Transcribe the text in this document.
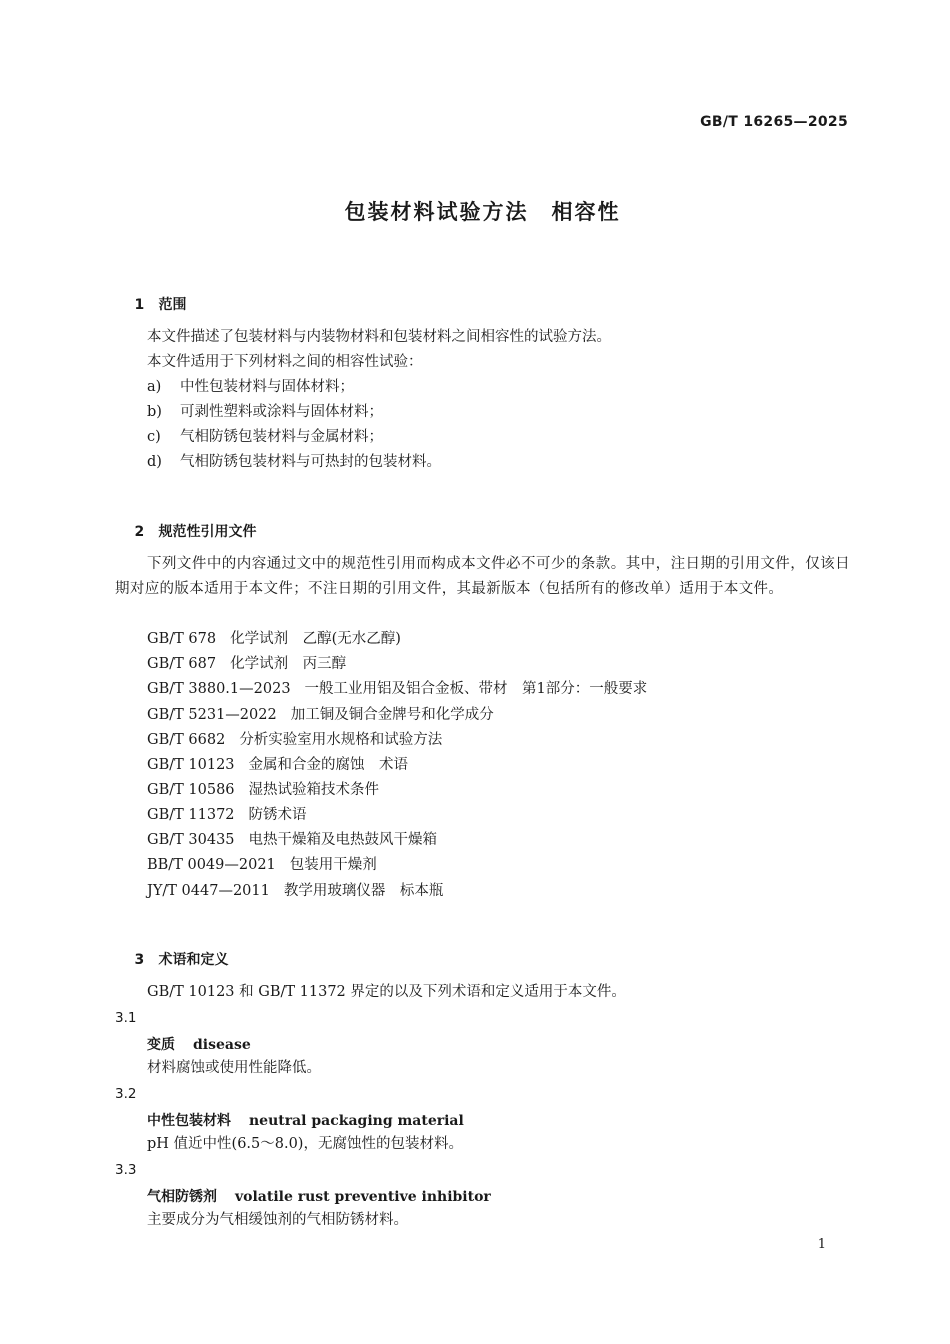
GB/T 16265—2025
包装材料试验方法　相容性

1 范围

本文件描述了包装材料与内装物材料和包装材料之间相容性的试验方法。
本文件适用于下列材料之间的相容性试验：
a) 中性包装材料与固体材料；
b) 可剥性塑料或涂料与固体材料；
c) 气相防锈包装材料与金属材料；
d) 气相防锈包装材料与可热封的包装材料。

2 规范性引用文件

下列文件中的内容通过文中的规范性引用而构成本文件必不可少的条款。其中，注日期的引用文件，仅该日期对应的版本适用于本文件；不注日期的引用文件，其最新版本（包括所有的修改单）适用于本文件。
GB/T 678 化学试剂　乙醇(无水乙醇)
GB/T 687 化学试剂　丙三醇
GB/T 3880.1—2023 一般工业用铝及铝合金板、带材　第1部分：一般要求
GB/T 5231—2022 加工铜及铜合金牌号和化学成分
GB/T 6682 分析实验室用水规格和试验方法
GB/T 10123 金属和合金的腐蚀　术语
GB/T 10586 湿热试验箱技术条件
GB/T 11372 防锈术语
GB/T 30435 电热干燥箱及电热鼓风干燥箱
BB/T 0049—2021 包装用干燥剂
JY/T 0447—2011 教学用玻璃仪器　标本瓶

3 术语和定义

GB/T 10123 和 GB/T 11372 界定的以及下列术语和定义适用于本文件。
3.1
变质 disease
材料腐蚀或使用性能降低。
3.2
中性包装材料 neutral packaging material
pH 值近中性(6.5～8.0)，无腐蚀性的包装材料。
3.3
气相防锈剂 volatile rust preventive inhibitor
主要成分为气相缓蚀剂的气相防锈材料。
1
